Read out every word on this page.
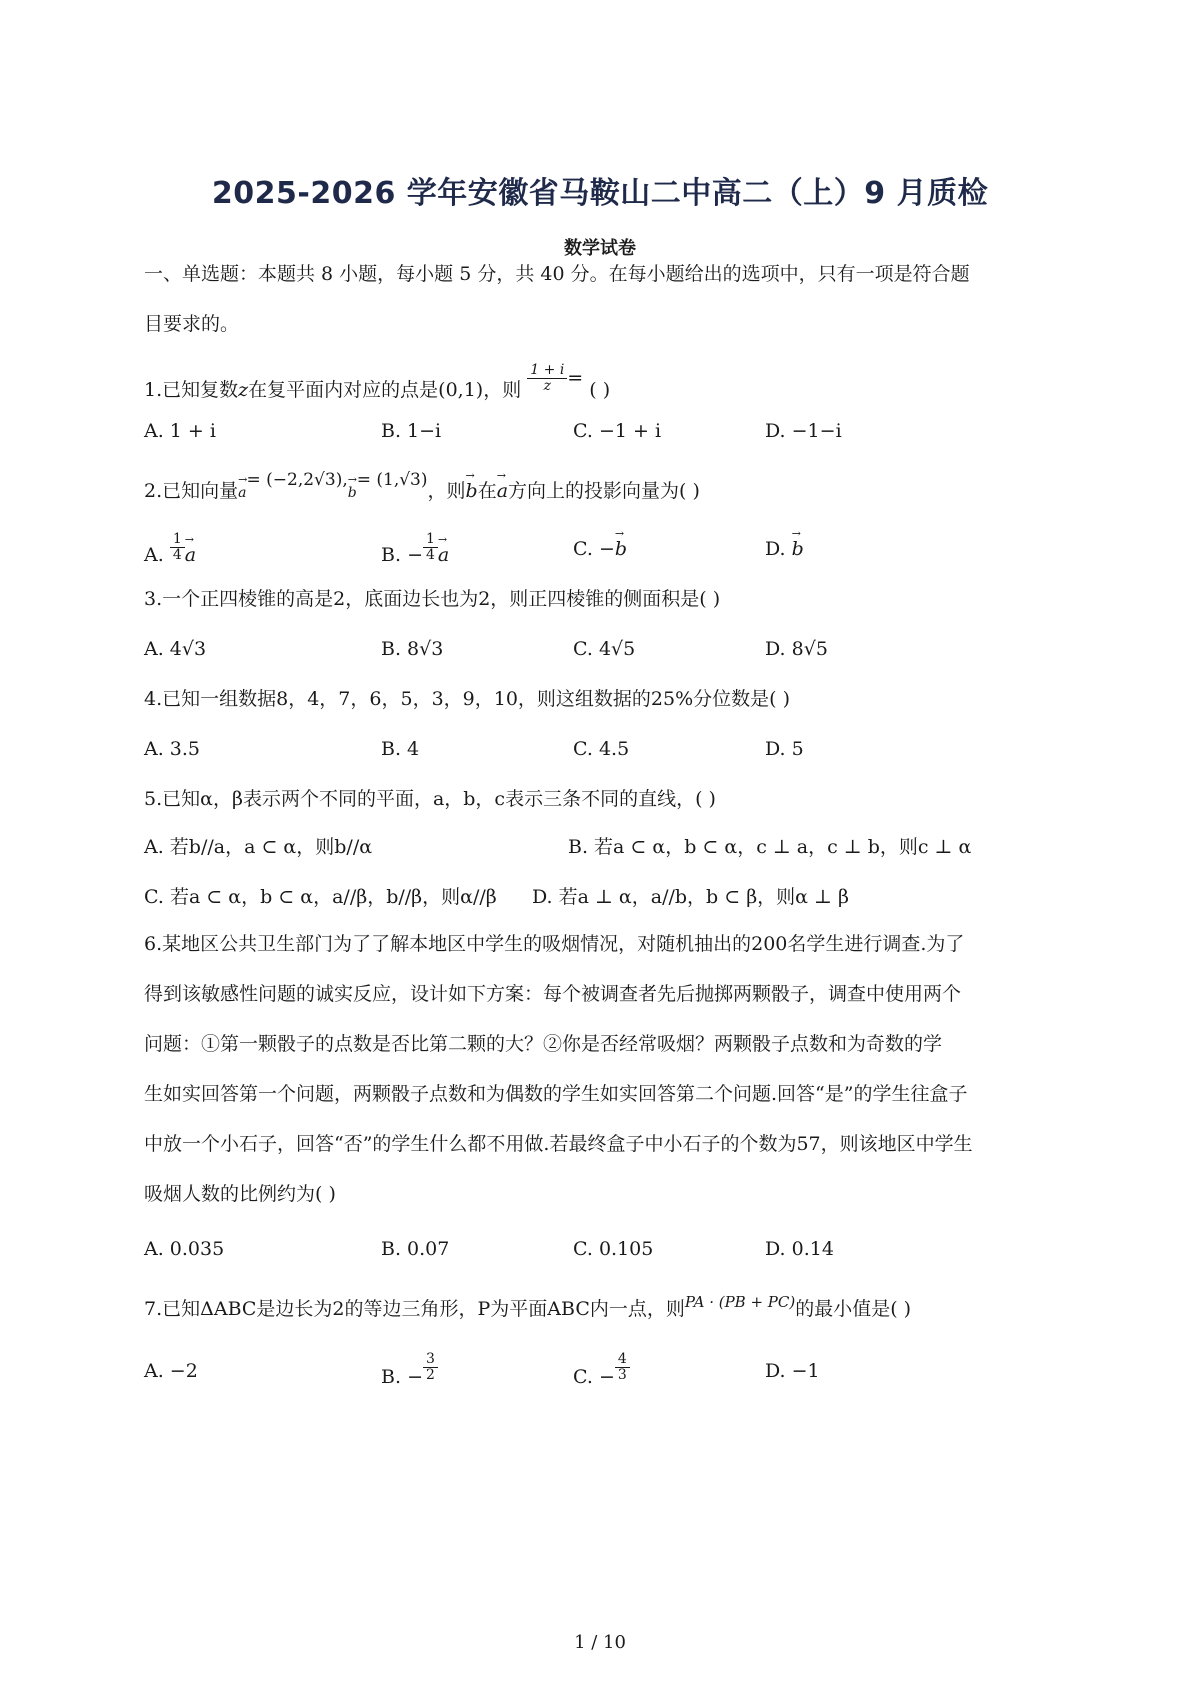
2025-2026 学年安徽省马鞍山二中高二（上）9 月质检
数学试卷
一、单选题：本题共 8 小题，每小题 5 分，共 40 分。在每小题给出的选项中，只有一项是符合题
目要求的。
1.已知复数z在复平面内对应的点是(0,1)，则 $\frac{1 + i}{z}$ = ( )
A. 1 + i	B. 1−i	C. −1 + i	D. −1−i
2.已知向量→ a= (−2,2√3),→ b= (1,√3)，则→ b在→ a方向上的投影向量为( )
A. $\frac{1}{4} \to a$	B. − $\frac{1}{4} \to a$	C. −→ b	D. → b
3.一个正四棱锥的高是2，底面边长也为2，则正四棱锥的侧面积是( )
A. 4√3	B. 8√3	C. 4√5	D. 8√5
4.已知一组数据8，4，7，6，5，3，9，10，则这组数据的25%分位数是( )
A. 3.5	B. 4	C. 4.5	D. 5
5.已知α，β表示两个不同的平面，a，b，c表示三条不同的直线，( )
A. 若b//a，a ⊂ α，则b//α	B. 若a ⊂ α，b ⊂ α，c ⊥ a，c ⊥ b，则c ⊥ α
C. 若a ⊂ α，b ⊂ α，a//β，b//β，则α//β D. 若a ⊥ α，a//b，b ⊂ β，则α ⊥ β
6.某地区公共卫生部门为了了解本地区中学生的吸烟情况，对随机抽出的200名学生进行调查.为了
得到该敏感性问题的诚实反应，设计如下方案：每个被调查者先后抛掷两颗骰子，调查中使用两个
问题：①第一颗骰子的点数是否比第二颗的大？②你是否经常吸烟？两颗骰子点数和为奇数的学
生如实回答第一个问题，两颗骰子点数和为偶数的学生如实回答第二个问题.回答“是”的学生往盒子
中放一个小石子，回答“否”的学生什么都不用做.若最终盒子中小石子的个数为57，则该地区中学生
吸烟人数的比例约为( )
A. 0.035	B. 0.07	C. 0.105	D. 0.14
7.已知ΔABC是边长为2的等边三角形，P为平面ABC内一点，则$^{PA \cdot (PB + PC)}$的最小值是( )
A. −2	B. − $\frac{3}{2}$	C. − $\frac{4}{3}$	D. −1
1 / 10
